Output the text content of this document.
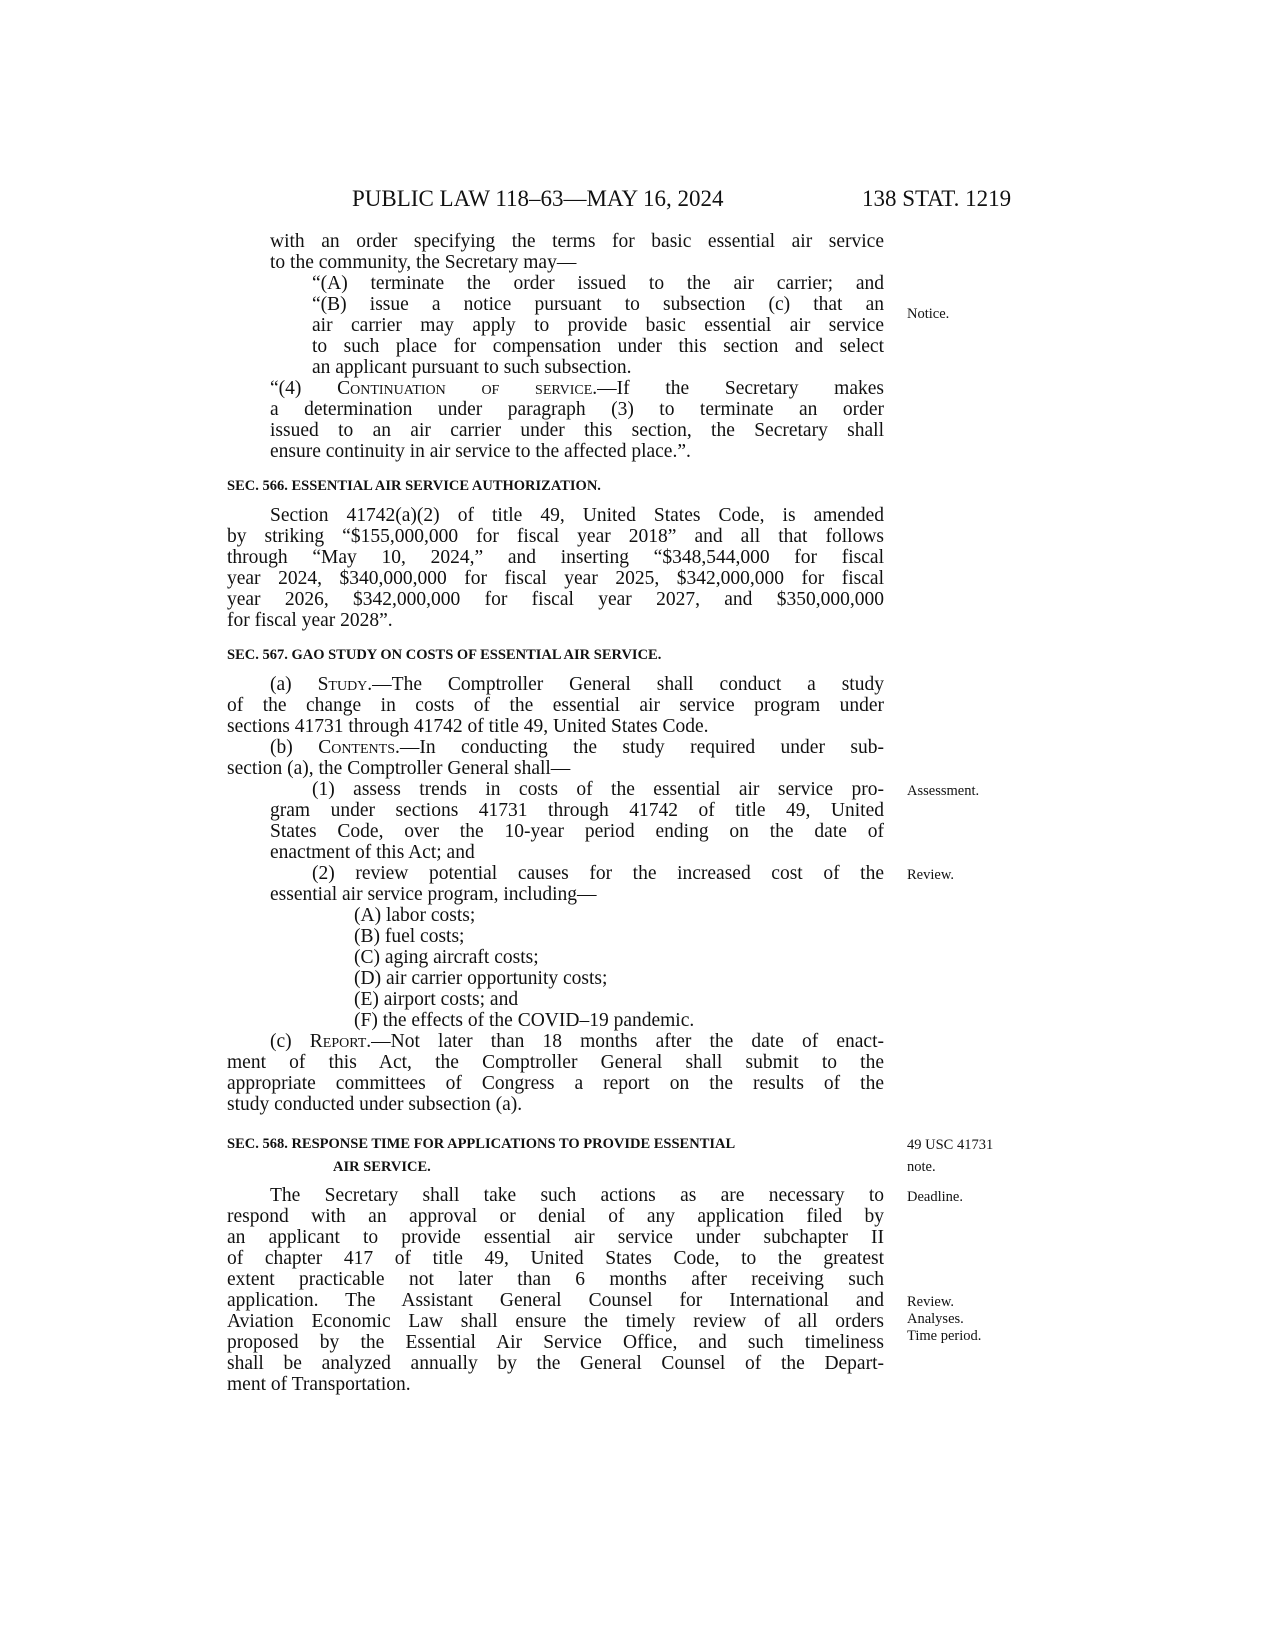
PUBLIC LAW 118–63—MAY 16, 2024	138 STAT. 1219
with an order specifying the terms for basic essential air service
to the community, the Secretary may—
“(A) terminate the order issued to the air carrier; and
“(B) issue a notice pursuant to subsection (c) that an
air carrier may apply to provide basic essential air service
to such place for compensation under this section and select
an applicant pursuant to such subsection.
“(4) Continuation of service.—If the Secretary makes
a determination under paragraph (3) to terminate an order
issued to an air carrier under this section, the Secretary shall
ensure continuity in air service to the affected place.”.
SEC. 566. ESSENTIAL AIR SERVICE AUTHORIZATION.
Section 41742(a)(2) of title 49, United States Code, is amended
by striking “$155,000,000 for fiscal year 2018” and all that follows
through “May 10, 2024,” and inserting “$348,544,000 for fiscal
year 2024, $340,000,000 for fiscal year 2025, $342,000,000 for fiscal
year 2026, $342,000,000 for fiscal year 2027, and $350,000,000
for fiscal year 2028”.
SEC. 567. GAO STUDY ON COSTS OF ESSENTIAL AIR SERVICE.
(a) Study.—The Comptroller General shall conduct a study
of the change in costs of the essential air service program under
sections 41731 through 41742 of title 49, United States Code.
(b) Contents.—In conducting the study required under sub-
section (a), the Comptroller General shall—
(1) assess trends in costs of the essential air service pro-
gram under sections 41731 through 41742 of title 49, United
States Code, over the 10-year period ending on the date of
enactment of this Act; and
(2) review potential causes for the increased cost of the
essential air service program, including—
(A) labor costs;
(B) fuel costs;
(C) aging aircraft costs;
(D) air carrier opportunity costs;
(E) airport costs; and
(F) the effects of the COVID–19 pandemic.
(c) Report.—Not later than 18 months after the date of enact-
ment of this Act, the Comptroller General shall submit to the
appropriate committees of Congress a report on the results of the
study conducted under subsection (a).
SEC. 568. RESPONSE TIME FOR APPLICATIONS TO PROVIDE ESSENTIAL
AIR SERVICE.
The Secretary shall take such actions as are necessary to
respond with an approval or denial of any application filed by
an applicant to provide essential air service under subchapter II
of chapter 417 of title 49, United States Code, to the greatest
extent practicable not later than 6 months after receiving such
application. The Assistant General Counsel for International and
Aviation Economic Law shall ensure the timely review of all orders
proposed by the Essential Air Service Office, and such timeliness
shall be analyzed annually by the General Counsel of the Depart-
ment of Transportation.
Notice.
Assessment.
Review.
49 USC 41731
note.
Deadline.
Review.
Analyses.
Time period.
